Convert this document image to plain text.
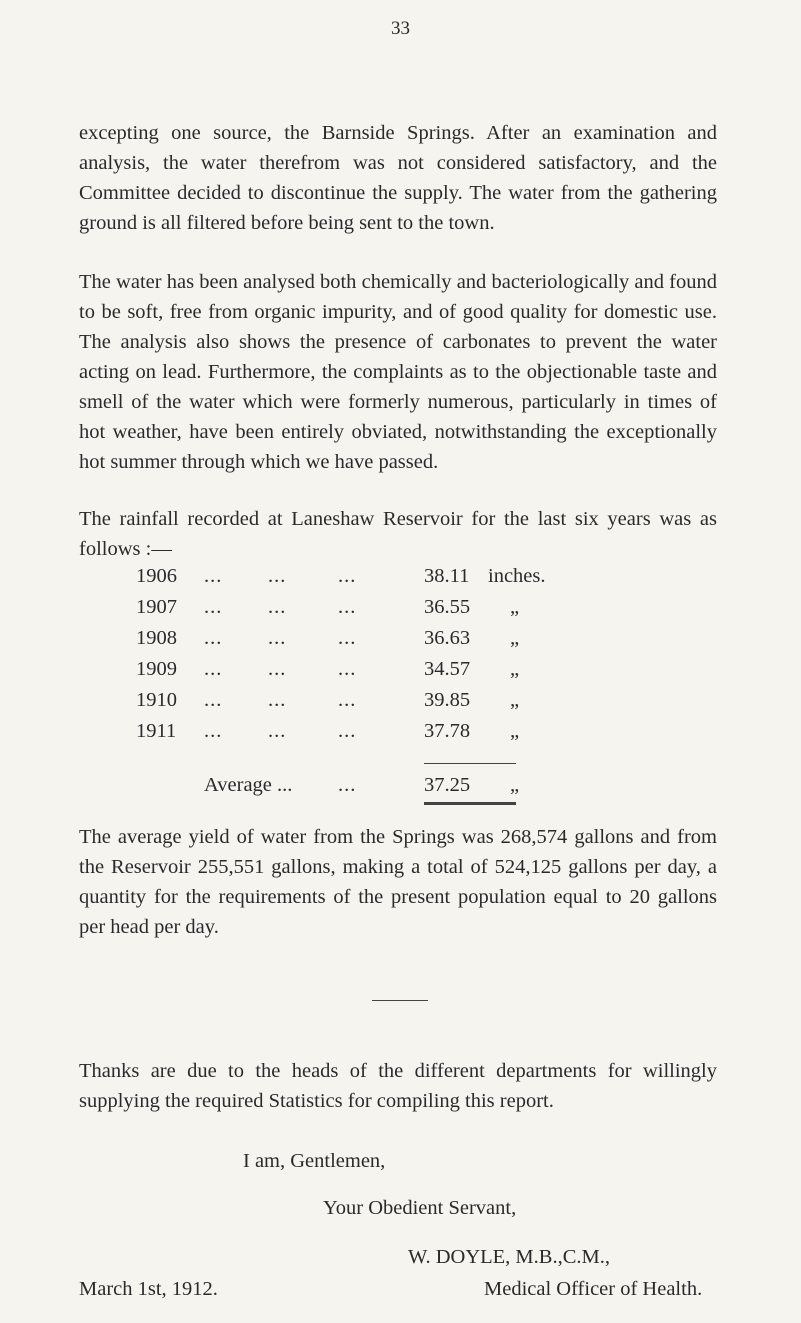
33

excepting one source, the Barnside Springs. After an examination and analysis, the water therefrom was not considered satisfactory, and the Committee decided to discontinue the supply. The water from the gathering ground is all filtered before being sent to the town.

The water has been analysed both chemically and bacteriologically and found to be soft, free from organic impurity, and of good quality for domestic use. The analysis also shows the presence of carbonates to prevent the water acting on lead. Furthermore, the complaints as to the objectionable taste and smell of the water which were formerly numerous, particularly in times of hot weather, have been entirely obviated, notwithstanding the exceptionally hot summer through which we have passed.

The rainfall recorded at Laneshaw Reservoir for the last six years was as follows :—

1906 ... ...	...	38.11 inches.
1907 ... ...	...	36.55 „
1908 ... ...	...	36.63 „
1909 ... ...	...	34.57 „
1910 ... ...	...	39.85 „
1911 ... ...	...	37.78 „
Average ... ...	37.25 „

The average yield of water from the Springs was 268,574 gallons and from the Reservoir 255,551 gallons, making a total of 524,125 gallons per day, a quantity for the requirements of the present population equal to 20 gallons per head per day.

Thanks are due to the heads of the different departments for willingly supplying the required Statistics for compiling this report.

I am, Gentlemen,
Your Obedient Servant,
W. DOYLE, M.B.,C.M.,
March 1st, 1912.	Medical Officer of Health.
